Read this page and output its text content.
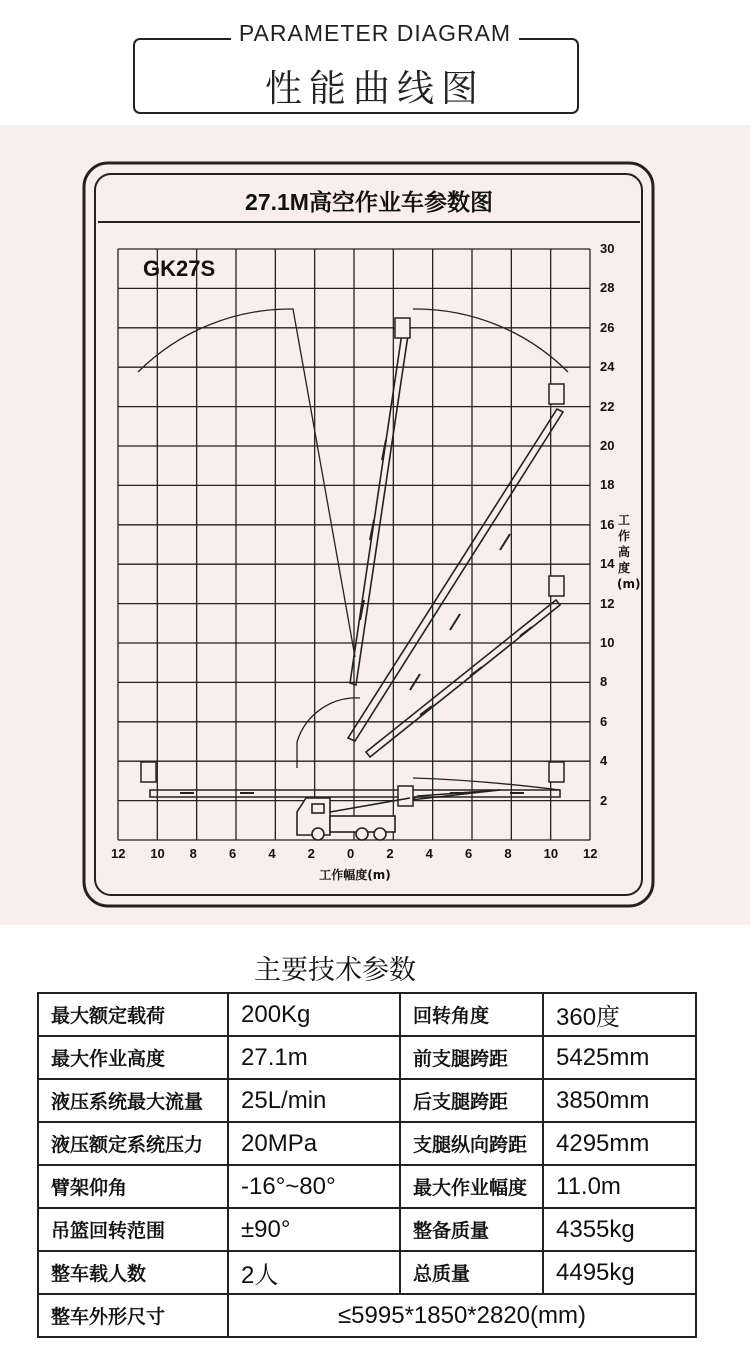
PARAMETER DIAGRAM
性能曲线图
27.1M高空作业车参数图
GK27S
2
4
6
8
10
12
14
16
18
20
22
24
26
28
30
12 10 8 6 4 2 0 2 4 6 8 10 12
工作高度(m)
工作幅度(m)
主要技术参数
最大额定载荷	200Kg	回转角度	360度
最大作业高度	27.1m	前支腿跨距	5425mm
液压系统最大流量	25L/min	后支腿跨距	3850mm
液压额定系统压力	20MPa	支腿纵向跨距	4295mm
臂架仰角	-16°~80°	最大作业幅度	11.0m
吊篮回转范围	±90°	整备质量	4355kg
整车载人数	2人	总质量	4495kg
整车外形尺寸	≤5995*1850*2820(mm)		
